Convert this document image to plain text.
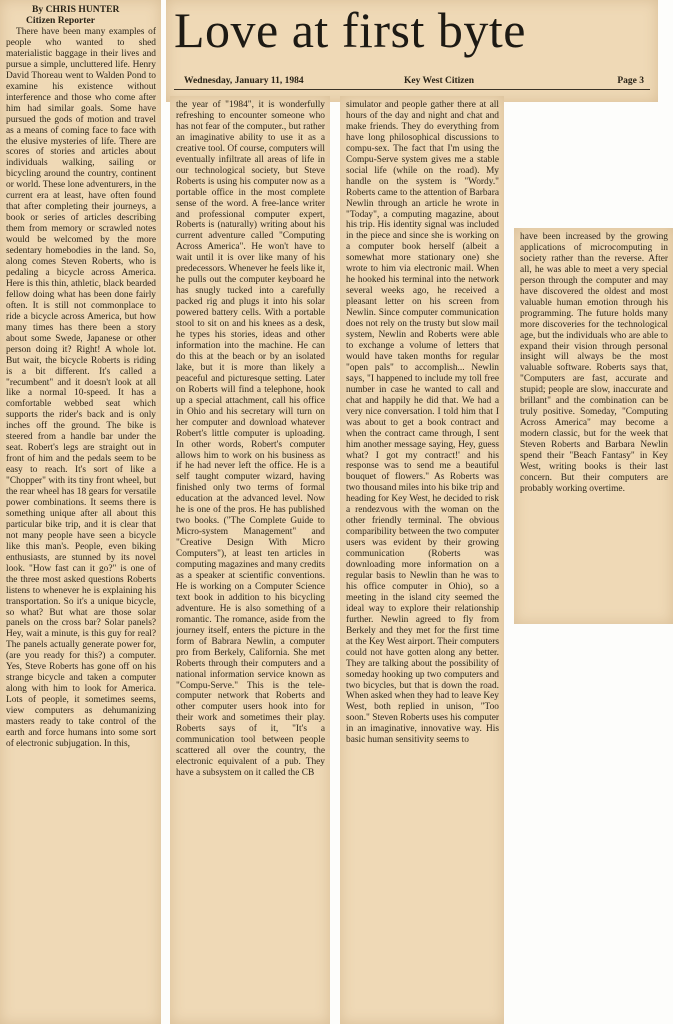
By CHRIS HUNTER
Citizen Reporter

There have been many examples of people who wanted to shed materialistic baggage in their lives and pursue a simple, uncluttered life. Henry David Thoreau went to Walden Pond to examine his existence without interference and those who come after him had similar goals. Some have pursued the gods of motion and travel as a means of coming face to face with the elusive mysteries of life. There are scores of stories and articles about individuals walking, sailing or bicycling around the country, continent or world. These lone adventurers, in the current era at least, have often found that after completing their journeys, a book or series of articles describing them from memory or scrawled notes would be welcomed by the more sedentary homebodies in the land. So, along comes Steven Roberts, who is pedaling a bicycle across America. Here is this thin, athletic, black bearded fellow doing what has been done fairly often. It is still not commonplace to ride a bicycle across America, but how many times has there been a story about some Swede, Japanese or other person doing it? Right! A whole lot. But wait, the bicycle Roberts is riding is a bit different. It's called a "recumbent" and it doesn't look at all like a normal 10-speed. It has a comfortable webbed seat which supports the rider's back and is only inches off the ground. The bike is steered from a handle bar under the seat. Robert's legs are straight out in front of him and the pedals seem to be easy to reach. It's sort of like a "Chopper" with its tiny front wheel, but the rear wheel has 18 gears for versatile power combinations. It seems there is something unique after all about this particular bike trip, and it is clear that not many people have seen a bicycle like this man's. People, even biking enthusiasts, are stunned by its novel look. "How fast can it go?" is one of the three most asked questions Roberts listens to whenever he is explaining his transportation. So it's a unique bicycle, so what? But what are those solar panels on the cross bar? Solar panels? Hey, wait a minute, is this guy for real? The panels actually generate power for, (are you ready for this?) a computer. Yes, Steve Roberts has gone off on his strange bicycle and taken a computer along with him to look for America. Lots of people, it sometimes seems, view computers as dehumanizing masters ready to take control of the earth and force humans into some sort of electronic subjugation. In this,

Love at first byte
Wednesday, January 11, 1984	Key West Citizen	Page 3

the year of "1984", it is wonderfully refreshing to encounter someone who has not fear of the computer., but rather an imaginative ability to use it as a creative tool. Of course, computers will eventually infiltrate all areas of life in our technological society, but Steve Roberts is using his computer now as a portable office in the most complete sense of the word. A free-lance writer and professional computer expert, Roberts is (naturally) writing about his current adventure called "Computing Across America". He won't have to wait until it is over like many of his predecessors. Whenever he feels like it, he pulls out the computer keyboard he has snugly tucked into a carefully packed rig and plugs it into his solar powered battery cells. With a portable stool to sit on and his knees as a desk, he types his stories, ideas and other information into the machine. He can do this at the beach or by an isolated lake, but it is more than likely a peaceful and picturesque setting. Later on Roberts will find a telephone, hook up a special attachment, call his office in Ohio and his secretary will turn on her computer and download whatever Robert's little computer is uploading. In other words, Robert's computer allows him to work on his business as if he had never left the office. He is a self taught computer wizard, having finished only two terms of formal education at the advanced level. Now he is one of the pros. He has published two books. ("The Complete Guide to Micro-system Management" and "Creative Design With Micro Computers"), at least ten articles in computing magazines and many credits as a speaker at scientific conventions. He is working on a Computer Science text book in addition to his bicycling adventure. He is also something of a romantic. The romance, aside from the journey itself, enters the picture in the form of Babrara Newlin, a computer pro from Berkely, California. She met Roberts through their computers and a national information service known as "Compu-Serve." This is the tele-computer network that Roberts and other computer users hook into for their work and sometimes their play. Roberts says of it, "It's a communication tool between people scattered all over the country, the electronic equivalent of a pub. They have a subsystem on it called the CB

simulator and people gather there at all hours of the day and night and chat and make friends. They do everything from have long philosophical discussions to compu-sex. The fact that I'm using the Compu-Serve system gives me a stable social life (while on the road). My handle on the system is "Wordy." Roberts came to the attention of Barbara Newlin through an article he wrote in "Today", a computing magazine, about his trip. His identity signal was included in the piece and since she is working on a computer book herself (albeit a somewhat more stationary one) she wrote to him via electronic mail. When he hooked his terminal into the network several weeks ago, he received a pleasant letter on his screen from Newlin. Since computer communication does not rely on the trusty but slow mail system, Newlin and Roberts were able to exchange a volume of letters that would have taken months for regular "open pals" to accomplish... Newlin says, "I happened to include my toll free number in case he wanted to call and chat and happily he did that. We had a very nice conversation. I told him that I was about to get a book contract and when the contract came through, I sent him another message saying, Hey, guess what? I got my contract!' and his response was to send me a beautiful bouquet of flowers." As Roberts was two thousand miles into his bike trip and heading for Key West, he decided to risk a rendezvous with the woman on the other friendly terminal. The obvious comparibility between the two computer users was evident by their growing communication (Roberts was downloading more information on a regular basis to Newlin than he was to his office computer in Ohio), so a meeting in the island city seemed the ideal way to explore their relationship further. Newlin agreed to fly from Berkely and they met for the first time at the Key West airport. Their computers could not have gotten along any better. They are talking about the possibility of someday hooking up two computers and two bicycles, but that is down the road. When asked when they had to leave Key West, both replied in unison, "Too soon." Steven Roberts uses his computer in an imaginative, innovative way. His basic human sensitivity seems to

have been increased by the growing applications of microcomputing in society rather than the reverse. After all, he was able to meet a very special person through the computer and may have discovered the oldest and most valuable human emotion through his programming. The future holds many more discoveries for the technological age, but the individuals who are able to expand their vision through personal insight will always be the most valuable software. Roberts says that, "Computers are fast, accurate and stupid; people are slow, inaccurate and brillant" and the combination can be truly positive. Someday, "Computing Across America" may become a modern classic, but for the week that Steven Roberts and Barbara Newlin spend their "Beach Fantasy" in Key West, writing books is their last concern. But their computers are probably working overtime.
